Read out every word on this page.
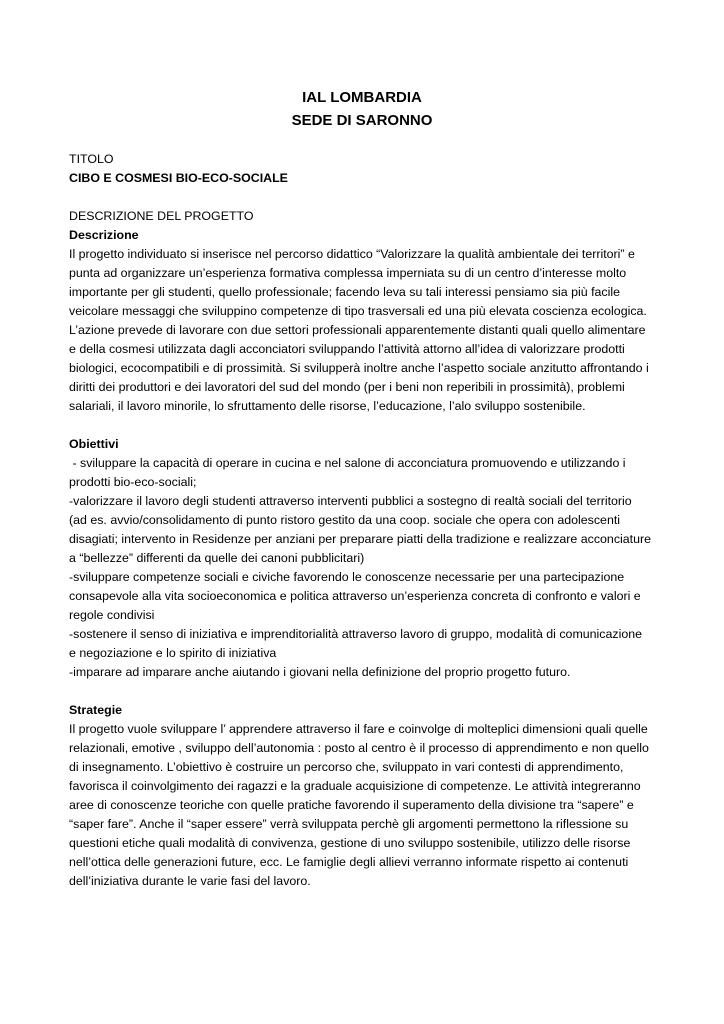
IAL LOMBARDIA
SEDE DI SARONNO
TITOLO
CIBO E COSMESI BIO-ECO-SOCIALE
DESCRIZIONE DEL PROGETTO
Descrizione
Il progetto individuato si inserisce nel percorso didattico “Valorizzare la qualità ambientale dei territori” e
punta ad organizzare un’esperienza formativa complessa imperniata su di un centro d’interesse molto
importante per gli studenti, quello professionale; facendo leva su tali interessi pensiamo sia più facile
veicolare messaggi che sviluppino competenze di tipo trasversali ed una più elevata coscienza ecologica.
L’azione prevede di lavorare con due settori professionali apparentemente distanti quali quello alimentare
e della cosmesi utilizzata dagli acconciatori sviluppando l’attività attorno all’idea di valorizzare prodotti
biologici, ecocompatibili e di prossimità. Si svilupperà inoltre anche l’aspetto sociale anzitutto affrontando i
diritti dei produttori e dei lavoratori del sud del mondo (per i beni non reperibili in prossimità), problemi
salariali, il lavoro minorile, lo sfruttamento delle risorse, l’educazione, l’alo sviluppo sostenibile.
Obiettivi
- sviluppare la capacità di operare in cucina e nel salone di acconciatura promuovendo e utilizzando i
prodotti bio-eco-sociali;
-valorizzare il lavoro degli studenti attraverso interventi pubblici a sostegno di realtà sociali del territorio
(ad es. avvio/consolidamento di punto ristoro gestito da una coop. sociale che opera con adolescenti
disagiati; intervento in Residenze per anziani per preparare piatti della tradizione e realizzare acconciature
a “bellezze” differenti da quelle dei canoni pubblicitari)
-sviluppare competenze sociali e civiche favorendo le conoscenze necessarie per una partecipazione
consapevole alla vita socioeconomica e politica attraverso un’esperienza concreta di confronto e valori e
regole condivisi
-sostenere il senso di iniziativa e imprenditorialità attraverso lavoro di gruppo, modalità di comunicazione
e negoziazione e lo spirito di iniziativa
-imparare ad imparare anche aiutando i giovani nella definizione del proprio progetto futuro.
Strategie
Il progetto vuole sviluppare l’ apprendere attraverso il fare e coinvolge di molteplici dimensioni quali quelle
relazionali, emotive , sviluppo dell’autonomia : posto al centro è il processo di apprendimento e non quello
di insegnamento. L’obiettivo è costruire un percorso che, sviluppato in vari contesti di apprendimento,
favorisca il coinvolgimento dei ragazzi e la graduale acquisizione di competenze. Le attività integreranno
aree di conoscenze teoriche con quelle pratiche favorendo il superamento della divisione tra “sapere” e
“saper fare”. Anche il “saper essere” verrà sviluppata perchè gli argomenti permettono la riflessione su
questioni etiche quali modalità di convivenza, gestione di uno sviluppo sostenibile, utilizzo delle risorse
nell’ottica delle generazioni future, ecc. Le famiglie degli allievi verranno informate rispetto ai contenuti
dell’iniziativa durante le varie fasi del lavoro.
